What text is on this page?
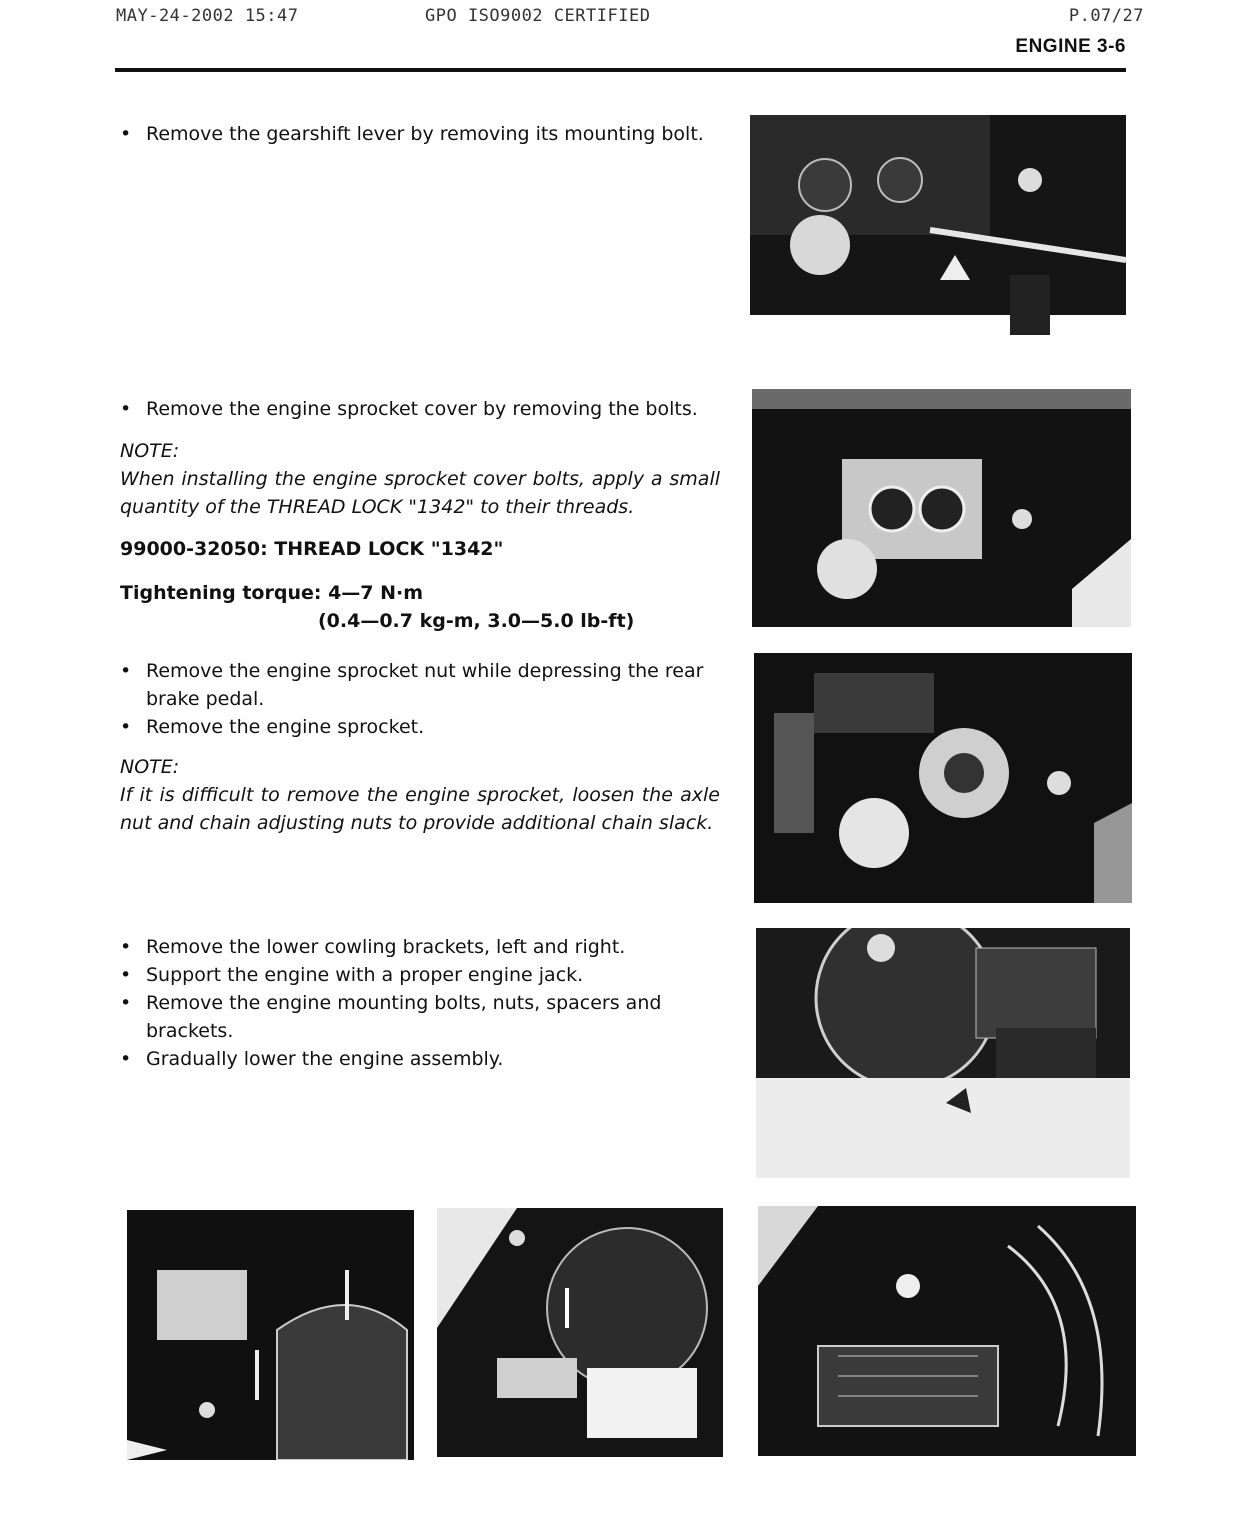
MAY-24-2002 15:47	GPO ISO9002 CERTIFIED	P.07/27
ENGINE 3-6

• Remove the gearshift lever by removing its mounting bolt.

• Remove the engine sprocket cover by removing the bolts.

NOTE:
When installing the engine sprocket cover bolts, apply a small quantity of the THREAD LOCK "1342" to their threads.
99000-32050: THREAD LOCK "1342"
Tightening torque: 4—7 N·m
(0.4—0.7 kg-m, 3.0—5.0 lb-ft)

• Remove the engine sprocket nut while depressing the rear brake pedal.

• Remove the engine sprocket.

NOTE:
If it is difficult to remove the engine sprocket, loosen the axle nut and chain adjusting nuts to provide additional chain slack.

• Remove the lower cowling brackets, left and right.

• Support the engine with a proper engine jack.

• Remove the engine mounting bolts, nuts, spacers and brackets.

• Gradually lower the engine assembly.
